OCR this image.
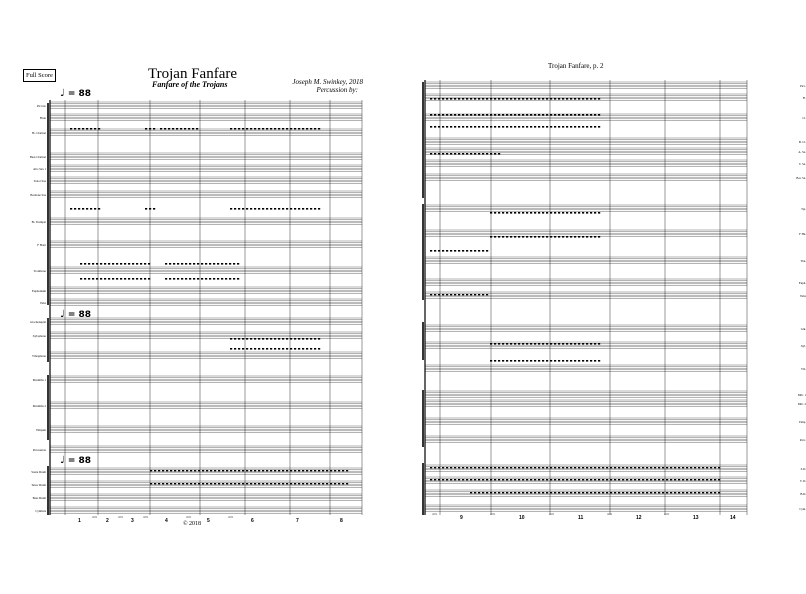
Full Score	Trojan Fanfare
Fanfare of the Trojans	Joseph M. Swinkey, 2018
Percussion by:
♩ = 88
♩ = 88
♩ = 88
Piccolo
Flute
B♭ Clarinet
Bass Clarinet
Alto Sax 1
Tenor Sax
Baritone Sax
B♭ Trumpet
F Horn
Trombone
Euphonium
Tuba
Glockenspiel
Xylophone
Vibraphone
Marimba 1
Marimba 2
Timpani
Percussion
Snare Drum
Tenor Drum
Bass Drum
Cymbals
1	2	3	4	5	6	7	8
4:01	4:01	4:01	4:01	4:01
© 2018
Trojan Fanfare, p. 2
Picc.
Fl.
Cl.
B. Cl.
A. Sx.
T. Sx.
Bar. Sx.
Tpt.
F Hn.
Tbn.
Euph.
Tuba
Glk.
Xyl.
Vib.
Mrb. 1
Mrb. 2
Timp.
Perc.
S.D.
T. D.
B.D.
Cym.
9	10	11	12	13	14
4:01	4:01	4:01	4:01	4:01
